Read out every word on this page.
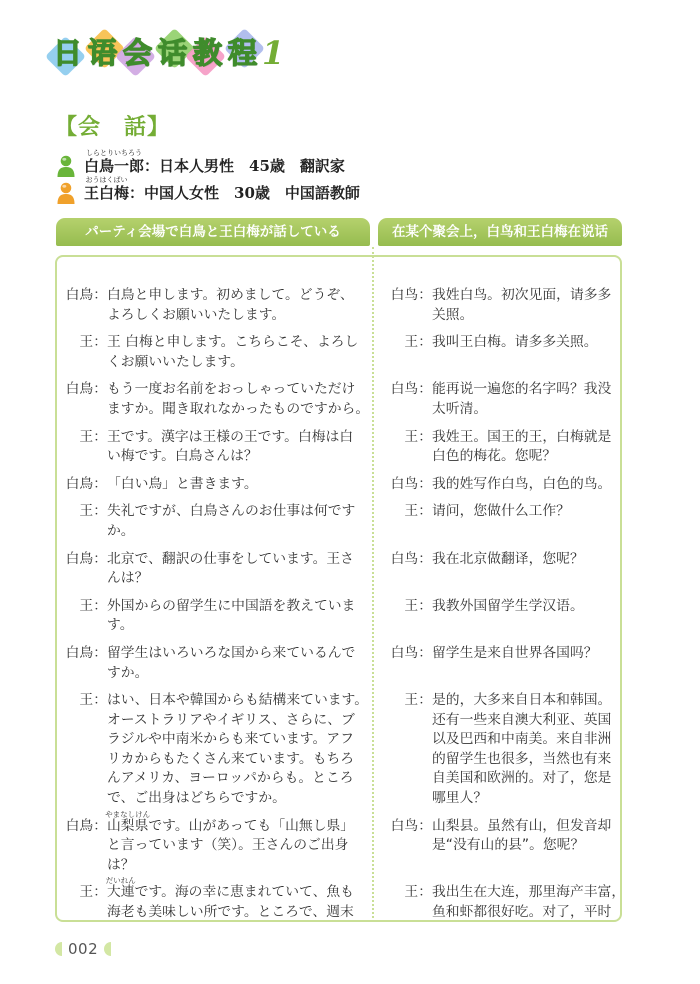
日 语 会 话 教 程 1
【会　話】
白鳥一郎
しらとりいちろう
：日本人男性　45歳　翻訳家
王白梅
おうはくばい
：中国人女性　30歳　中国語教師
パーティ会場で白鳥と王白梅が話している	在某个聚会上，白鸟和王白梅在说话
白鳥： 白鳥と申します。初めまして。どうぞ、
よろしくお願いいたします。
白鸟： 我姓白鸟。初次见面，请多多
关照。
王： 王 白梅と申します。こちらこそ、よろし
くお願いいたします。
王： 我叫王白梅。请多多关照。
白鳥： もう一度お名前をおっしゃっていただけ
ますか。聞き取れなかったものですから。
白鸟： 能再说一遍您的名字吗？我没
太听清。
王： 王です。漢字は王様の王です。白梅は白
い梅です。白鳥さんは？
王： 我姓王。国王的王，白梅就是
白色的梅花。您呢？
白鳥： 「白い鳥」と書きます。	白鸟： 我的姓写作白鸟，白色的鸟。
王： 失礼ですが、白鳥さんのお仕事は何です
か。
王： 请问，您做什么工作？
白鳥： 北京で、翻訳の仕事をしています。王さ
んは？
白鸟： 我在北京做翻译，您呢？
王： 外国からの留学生に中国語を教えていま
す。
王： 我教外国留学生学汉语。
白鳥： 留学生はいろいろな国から来ているんで
すか。
白鸟： 留学生是来自世界各国吗？
王： はい、日本や韓国からも結構来ています。
オーストラリアやイギリス、さらに、ブ
ラジルや中南米からも来ています。アフ
リカからもたくさん来ています。もちろ
んアメリカ、ヨーロッパからも。ところ
で、ご出身はどちらですか。
王： 是的，大多来自日本和韩国。
还有一些来自澳大利亚、英国
以及巴西和中南美。来自非洲
的留学生也很多，当然也有来
自美国和欧洲的。对了，您是
哪里人？
白鳥： 山梨県
やまなしけん
です。山があっても「山無し県」
と言っています（笑）。王さんのご出身
は？
白鸟： 山梨县。虽然有山，但发音却
是“没有山的县”。您呢？
王： 大連
だいれん
です。海の幸に恵まれていて、魚も
海老も美味しい所です。ところで、週末
王： 我出生在大连，那里海产丰富，
鱼和虾都很好吃。对了，平时
002
